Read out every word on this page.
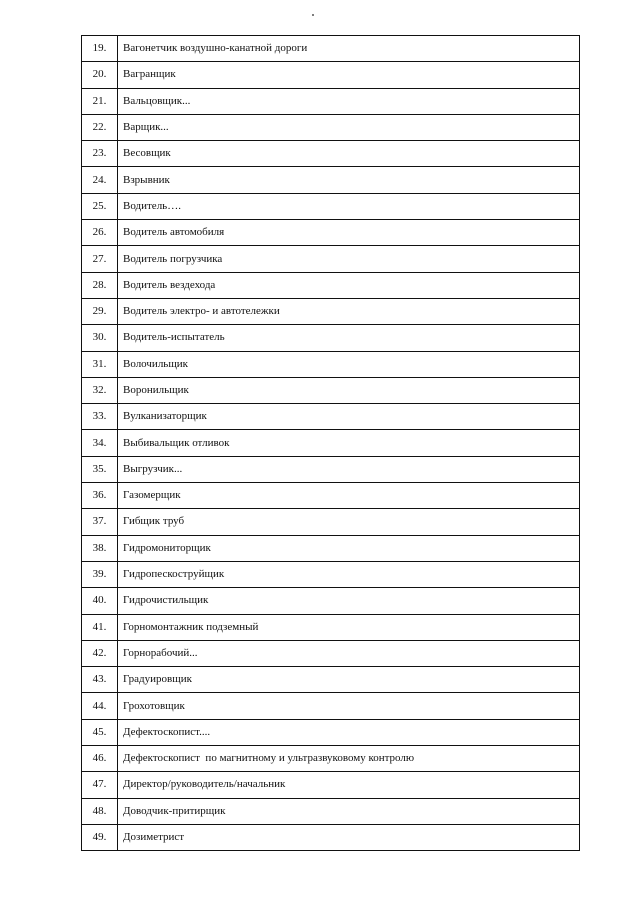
19.	Вагонетчик воздушно-канатной дороги
20.	Вагранщик
21.	Вальцовщик...
22.	Варщик...
23.	Весовщик
24.	Взрывник
25.	Водитель….
26.	Водитель автомобиля
27.	Водитель погрузчика
28.	Водитель вездехода
29.	Водитель электро- и автотележки
30.	Водитель-испытатель
31.	Волочильщик
32.	Воронильщик
33.	Вулканизаторщик
34.	Выбивальщик отливок
35.	Выгрузчик...
36.	Газомерщик
37.	Гибщик труб
38.	Гидромониторщик
39.	Гидропескоструйщик
40.	Гидрочистильщик
41.	Горномонтажник подземный
42.	Горнорабочий...
43.	Градуировщик
44.	Грохотовщик
45.	Дефектоскопист....
46.	Дефектоскопист  по магнитному и ультразвуковому контролю
47.	Директор/руководитель/начальник
48.	Доводчик-притирщик
49.	Дозиметрист
